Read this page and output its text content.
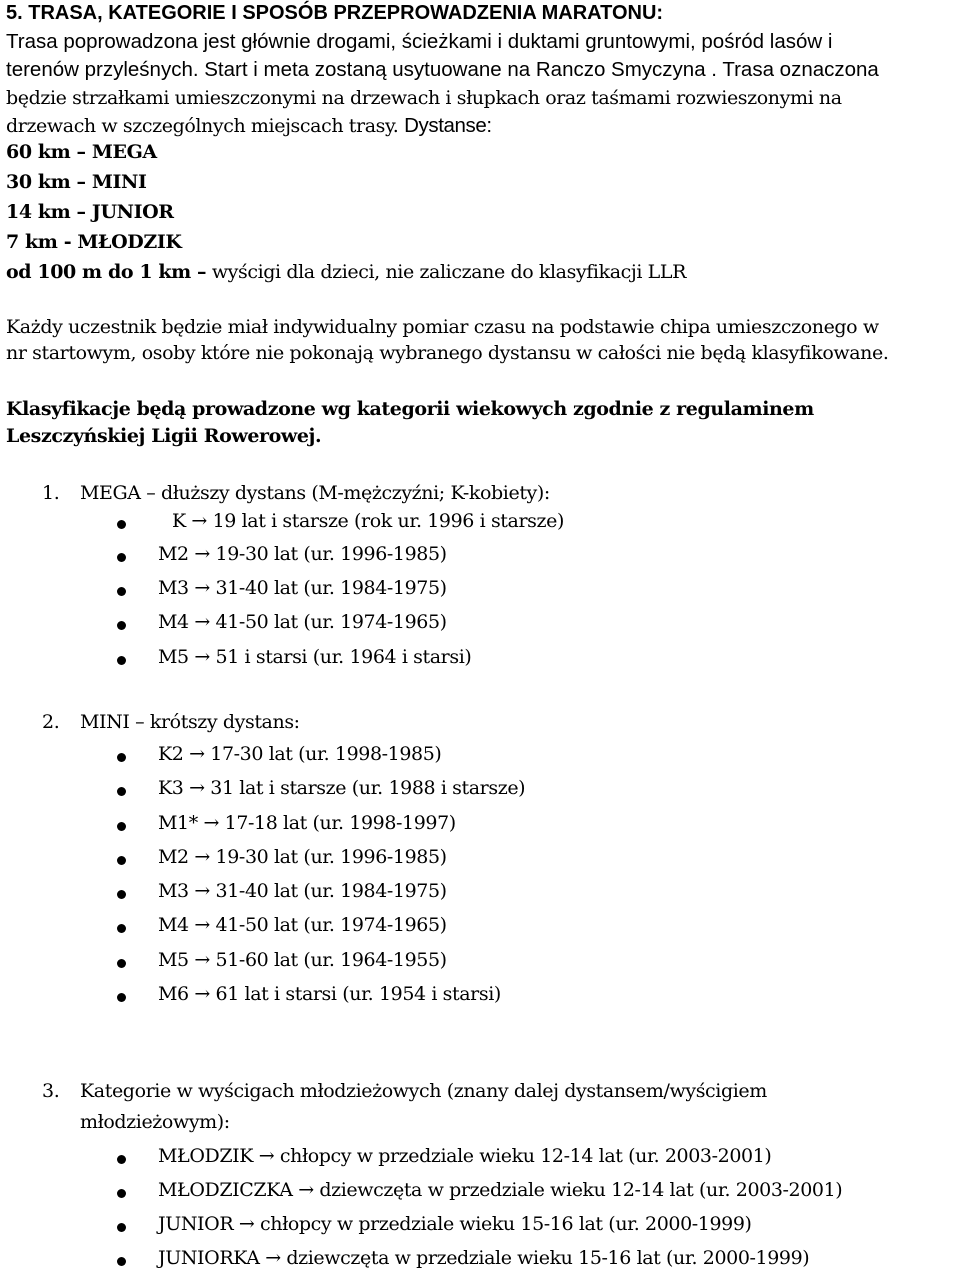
5. TRASA, KATEGORIE I SPOSÓB PRZEPROWADZENIA MARATONU:
Trasa poprowadzona jest głównie drogami, ścieżkami i duktami gruntowymi, pośród lasów i
terenów przyleśnych. Start i meta zostaną usytuowane na Ranczo Smyczyna . Trasa oznaczona
będzie strzałkami umieszczonymi na drzewach i słupkach oraz taśmami rozwieszonymi na
drzewach w szczególnych miejscach trasy. Dystanse:
60 km – MEGA
30 km – MINI
14 km – JUNIOR
7 km - MŁODZIK
od 100 m do 1 km – wyścigi dla dzieci, nie zaliczane do klasyfikacji LLR
Każdy uczestnik będzie miał indywidualny pomiar czasu na podstawie chipa umieszczonego w
nr startowym, osoby które nie pokonają wybranego dystansu w całości nie będą klasyfikowane.
Klasyfikacje będą prowadzone wg kategorii wiekowych zgodnie z regulaminem
Leszczyńskiej Ligii Rowerowej.
1. MEGA – dłuższy dystans (M-mężczyźni; K-kobiety):
K → 19 lat i starsze (rok ur. 1996 i starsze)
M2 → 19-30 lat (ur. 1996-1985)
M3 → 31-40 lat (ur. 1984-1975)
M4 → 41-50 lat (ur. 1974-1965)
M5 → 51 i starsi (ur. 1964 i starsi)
2. MINI – krótszy dystans:
K2 → 17-30 lat (ur. 1998-1985)
K3 → 31 lat i starsze (ur. 1988 i starsze)
M1* → 17-18 lat (ur. 1998-1997)
M2 → 19-30 lat (ur. 1996-1985)
M3 → 31-40 lat (ur. 1984-1975)
M4 → 41-50 lat (ur. 1974-1965)
M5 → 51-60 lat (ur. 1964-1955)
M6 → 61 lat i starsi (ur. 1954 i starsi)
3. Kategorie w wyścigach młodzieżowych (znany dalej dystansem/wyścigiem
młodzieżowym):
MŁODZIK → chłopcy w przedziale wieku 12-14 lat (ur. 2003-2001)
MŁODZICZKA → dziewczęta w przedziale wieku 12-14 lat (ur. 2003-2001)
JUNIOR → chłopcy w przedziale wieku 15-16 lat (ur. 2000-1999)
JUNIORKA → dziewczęta w przedziale wieku 15-16 lat (ur. 2000-1999)
